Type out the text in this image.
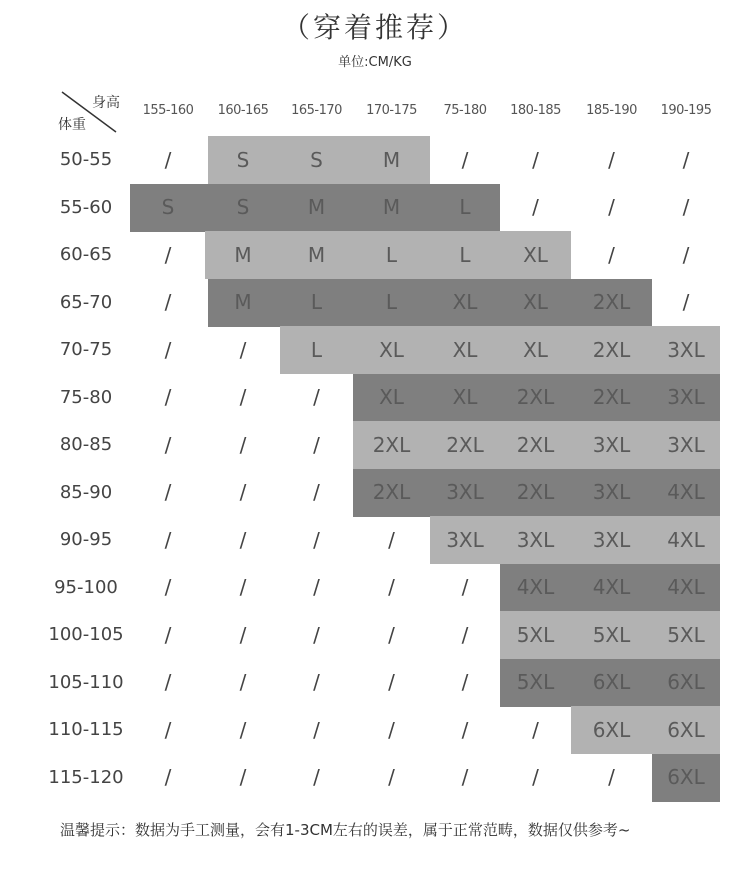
（穿着推荐）
单位:CM/KG
身高
体重
155-160	160-165	165-170	170-175	75-180	180-185	185-190	190-195
50-55	/	S	S	M	/	/	/	/
55-60	S	S	M	M	L	/	/	/
60-65	/	M	M	L	L	XL	/	/
65-70	/	M	L	L	XL	XL	2XL	/
70-75	/	/	L	XL	XL	XL	2XL	3XL
75-80	/	/	/	XL	XL	2XL	2XL	3XL
80-85	/	/	/	2XL	2XL	2XL	3XL	3XL
85-90	/	/	/	2XL	3XL	2XL	3XL	4XL
90-95	/	/	/	/	3XL	3XL	3XL	4XL
95-100	/	/	/	/	/	4XL	4XL	4XL
100-105	/	/	/	/	/	5XL	5XL	5XL
105-110	/	/	/	/	/	5XL	6XL	6XL
110-115	/	/	/	/	/	/	6XL	6XL
115-120	/	/	/	/	/	/	/	6XL
温馨提示：数据为手工测量，会有1-3CM左右的误差，属于正常范畴，数据仅供参考~
